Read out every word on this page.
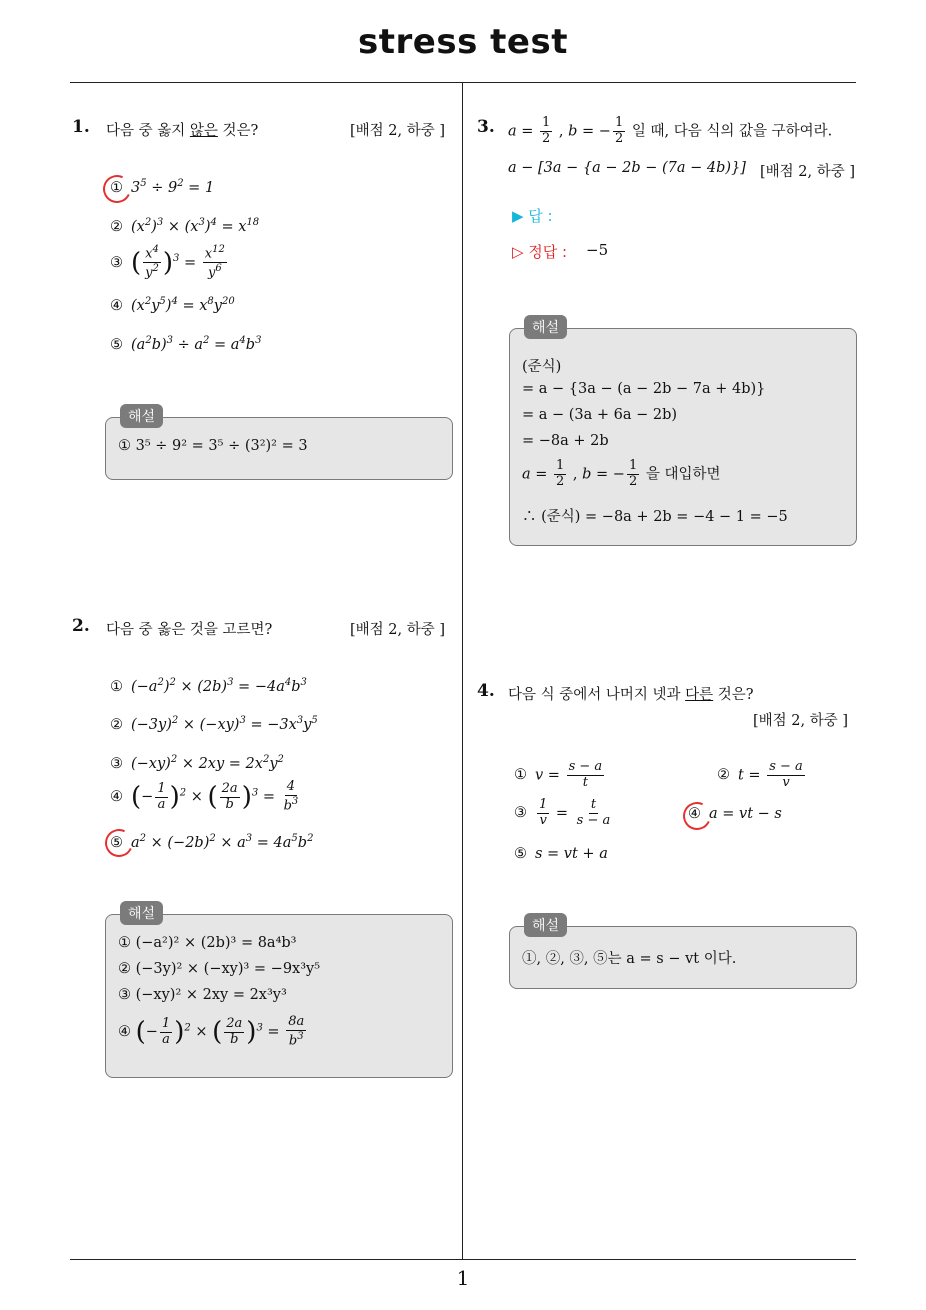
stress test
1
1. 다음 중 옳지 않은 것은?	[배점 2, 하중 ]
① $3^5 \div 9^2 = 1$
② $(x^2)^3 \times (x^3)^4 = x^{18}$
③ ( $\frac{x^4}{y^2} )^3 = \frac{x^{12}}{y^6}$
④ $(x^2y^5)^4 = x^8y^{20}$
⑤ $(a^2b)^3 \div a^2 = a^4b^3$
① 3⁵ ÷ 9² = 3⁵ ÷ (3²)² = 3
해설
2. 다음 중 옳은 것을 고르면?	[배점 2, 하중 ]
① $(-a^2)^2 \times (2b)^3 = -4a^4b^3$
② $(-3y)^2 \times (-xy)^3 = -3x^3y^5$
③ $(-xy)^2 \times 2xy = 2x^2y^2$
④ (− $\frac{1}{a} )^2$ × ( $\frac{2a}{b} )^3 = \frac{4}{b^3}$
⑤ $a^2 \times (-2b)^2 \times a^3 = 4a^5b^2$
① (−a²)² × (2b)³ = 8a⁴b³
② (−3y)² × (−xy)³ = −9x³y⁵
③ (−xy)² × 2xy = 2x³y³
④ (− $\frac{1}{a} )^2$ × ( $\frac{2a}{b} )^3 = \frac{8a}{b^3}$
해설
3. $a = \frac{1}{2}$ , b = − $\frac{1}{2}$ 일 때, 다음 식의 값을 구하여라.
a − [3a − {a − 2b − (7a − 4b)}] [배점 2, 하중 ]
▶ 답 :
▷ 정답 : −5
(준식)
= a − {3a − (a − 2b − 7a + 4b)}
= a − (3a + 6a − 2b)
= −8a + 2b
$a = \frac{1}{2}$ , b = − $\frac{1}{2}$ 을 대입하면
∴ (준식) = −8a + 2b = −4 − 1 = −5
해설
4. 다음 식 중에서 나머지 넷과 다른 것은?
[배점 2, 하중 ]
① $v = \frac{s - a}{t}$	② $t = \frac{s - a}{v}$
③ $\frac{1}{v} = \frac{t}{s - a}$	④ a = vt − s
⑤ s = vt + a
①, ②, ③, ⑤는 a = s − vt 이다.
해설
